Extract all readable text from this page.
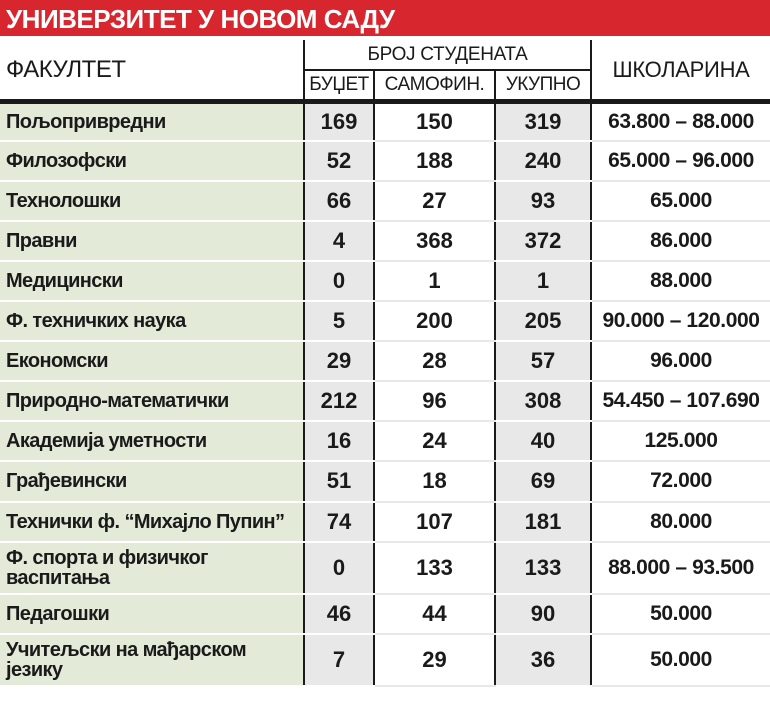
УНИВЕРЗИТЕТ У НОВОМ САДУ
ФАКУЛТЕТ	БРОЈ СТУДЕНАТА			ШКОЛАРИНА
	БУЏЕТ	САМОФИН.	УКУПНО	
Пољопривредни	169	150	319	63.800 – 88.000
Филозофски	52	188	240	65.000 – 96.000
Технолошки	66	27	93	65.000
Правни	4	368	372	86.000
Медицински	0	1	1	88.000
Ф. техничких наука	5	200	205	90.000 – 120.000
Економски	29	28	57	96.000
Природно-математички	212	96	308	54.450 – 107.690
Академија уметности	16	24	40	125.000
Грађевински	51	18	69	72.000
Технички ф. “Михајло Пупин”	74	107	181	80.000
Ф. спорта и физичког васпитања	0	133	133	88.000 – 93.500
Педагошки	46	44	90	50.000
Учитељски на мађарском језику	7	29	36	50.000
